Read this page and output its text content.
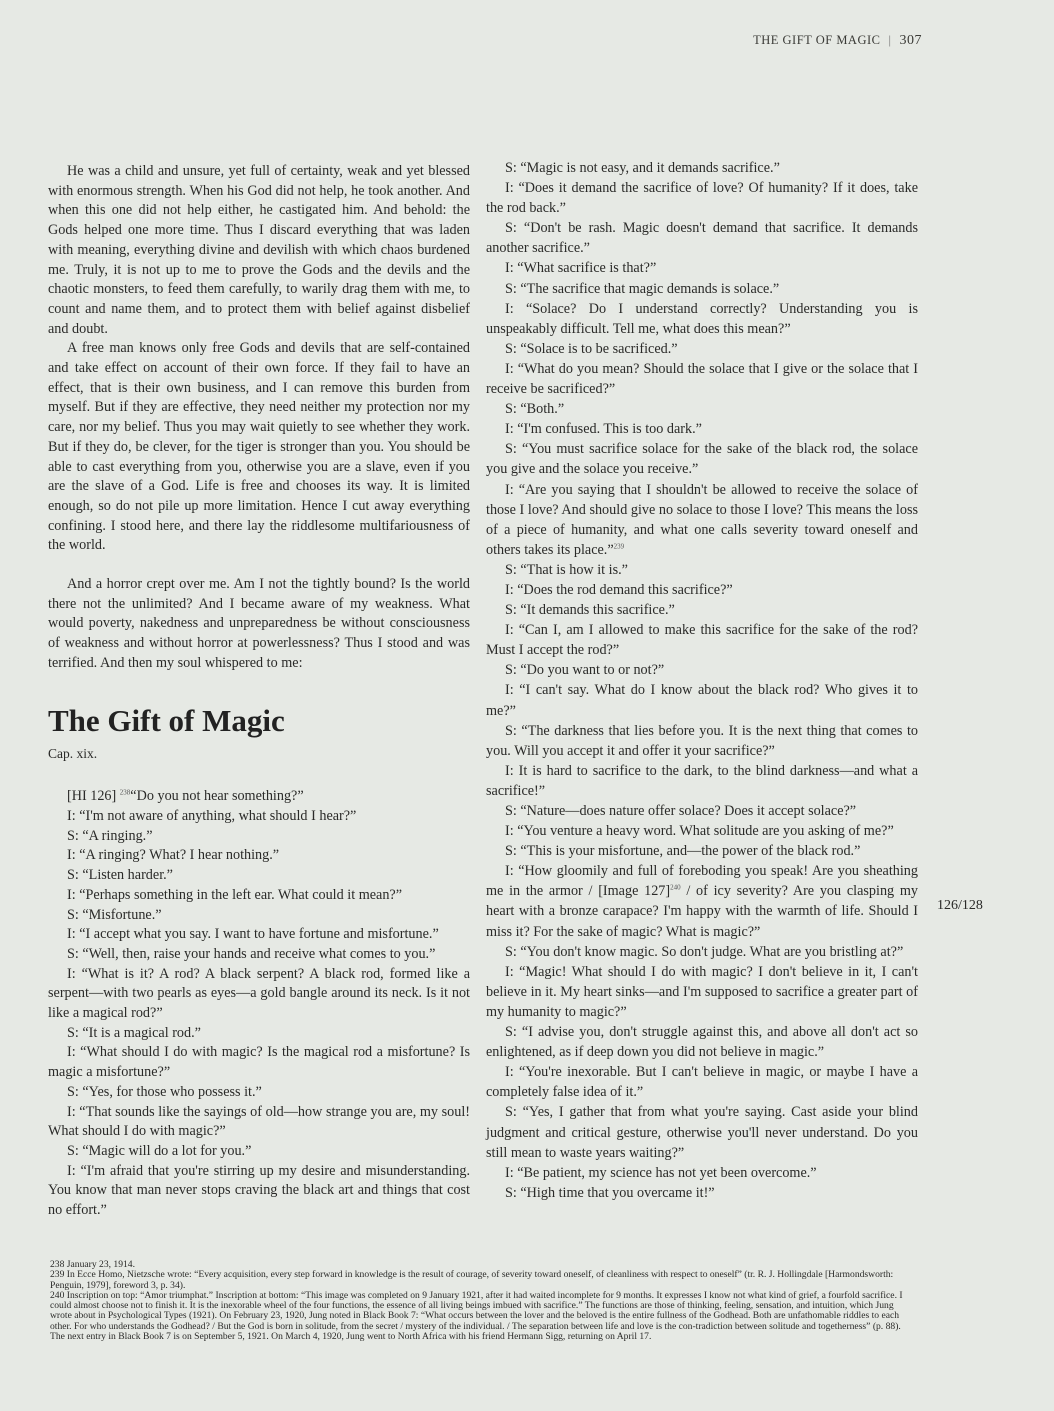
THE GIFT OF MAGIC | 307

He was a child and unsure, yet full of certainty, weak and yet blessed with enormous strength. When his God did not help, he took another. And when this one did not help either, he castigated him. And behold: the Gods helped one more time. Thus I discard everything that was laden with meaning, everything divine and devilish with which chaos burdened me. Truly, it is not up to me to prove the Gods and the devils and the chaotic monsters, to feed them carefully, to warily drag them with me, to count and name them, and to protect them with belief against disbelief and doubt.

A free man knows only free Gods and devils that are self-contained and take effect on account of their own force. If they fail to have an effect, that is their own business, and I can remove this burden from myself. But if they are effective, they need neither my protection nor my care, nor my belief. Thus you may wait quietly to see whether they work. But if they do, be clever, for the tiger is stronger than you. You should be able to cast everything from you, otherwise you are a slave, even if you are the slave of a God. Life is free and chooses its way. It is limited enough, so do not pile up more limitation. Hence I cut away everything confining. I stood here, and there lay the riddlesome multifariousness of the world.

And a horror crept over me. Am I not the tightly bound? Is the world there not the unlimited? And I became aware of my weakness. What would poverty, nakedness and unpreparedness be without consciousness of weakness and without horror at powerlessness? Thus I stood and was terrified. And then my soul whispered to me:

The Gift of Magic
Cap. xix.

[HI 126] $^{238}$“Do you not hear something?”

I: “I'm not aware of anything, what should I hear?”

S: “A ringing.”

I: “A ringing? What? I hear nothing.”

S: “Listen harder.”

I: “Perhaps something in the left ear. What could it mean?”

S: “Misfortune.”

I: “I accept what you say. I want to have fortune and misfortune.”

S: “Well, then, raise your hands and receive what comes to you.”

I: “What is it? A rod? A black serpent? A black rod, formed like a serpent—with two pearls as eyes—a gold bangle around its neck. Is it not like a magical rod?”

S: “It is a magical rod.”

I: “What should I do with magic? Is the magical rod a misfortune? Is magic a misfortune?”

S: “Yes, for those who possess it.”

I: “That sounds like the sayings of old—how strange you are, my soul! What should I do with magic?”

S: “Magic will do a lot for you.”

I: “I'm afraid that you're stirring up my desire and misunderstanding. You know that man never stops craving the black art and things that cost no effort.”

S: “Magic is not easy, and it demands sacrifice.”

I: “Does it demand the sacrifice of love? Of humanity? If it does, take the rod back.”

S: “Don't be rash. Magic doesn't demand that sacrifice. It demands another sacrifice.”

I: “What sacrifice is that?”

S: “The sacrifice that magic demands is solace.”

I: “Solace? Do I understand correctly? Understanding you is unspeakably difficult. Tell me, what does this mean?”

S: “Solace is to be sacrificed.”

I: “What do you mean? Should the solace that I give or the solace that I receive be sacrificed?”

S: “Both.”

I: “I'm confused. This is too dark.”

S: “You must sacrifice solace for the sake of the black rod, the solace you give and the solace you receive.”

I: “Are you saying that I shouldn't be allowed to receive the solace of those I love? And should give no solace to those I love? This means the loss of a piece of humanity, and what one calls severity toward oneself and others takes its place.”$^{239}$

S: “That is how it is.”

I: “Does the rod demand this sacrifice?”

S: “It demands this sacrifice.”

I: “Can I, am I allowed to make this sacrifice for the sake of the rod? Must I accept the rod?”

S: “Do you want to or not?”

I: “I can't say. What do I know about the black rod? Who gives it to me?”

S: “The darkness that lies before you. It is the next thing that comes to you. Will you accept it and offer it your sacrifice?”

I: It is hard to sacrifice to the dark, to the blind darkness—and what a sacrifice!”

S: “Nature—does nature offer solace? Does it accept solace?”

I: “You venture a heavy word. What solitude are you asking of me?”

S: “This is your misfortune, and—the power of the black rod.”

I: “How gloomily and full of foreboding you speak! Are you sheathing me in the armor / [Image 127]$^{240}$ / of icy severity? Are you clasping my heart with a bronze carapace? I'm happy with the warmth of life. Should I miss it? For the sake of magic? What is magic?”

S: “You don't know magic. So don't judge. What are you bristling at?”

I: “Magic! What should I do with magic? I don't believe in it, I can't believe in it. My heart sinks—and I'm supposed to sacrifice a greater part of my humanity to magic?”

S: “I advise you, don't struggle against this, and above all don't act so enlightened, as if deep down you did not believe in magic.”

I: “You're inexorable. But I can't believe in magic, or maybe I have a completely false idea of it.”

S: “Yes, I gather that from what you're saying. Cast aside your blind judgment and critical gesture, otherwise you'll never understand. Do you still mean to waste years waiting?”

I: “Be patient, my science has not yet been overcome.”

S: “High time that you overcame it!”

126/128

238 January 23, 1914.

239 In Ecce Homo, Nietzsche wrote: “Every acquisition, every step forward in knowledge is the result of courage, of severity toward oneself, of cleanliness with respect to oneself” (tr. R. J. Hollingdale [Harmondsworth: Penguin, 1979], foreword 3, p. 34).

240 Inscription on top: “Amor triumphat.” Inscription at bottom: “This image was completed on 9 January 1921, after it had waited incomplete for 9 months. It expresses I know not what kind of grief, a fourfold sacrifice. I could almost choose not to finish it. It is the inexorable wheel of the four functions, the essence of all living beings imbued with sacrifice.” The functions are those of thinking, feeling, sensation, and intuition, which Jung wrote about in Psychological Types (1921). On February 23, 1920, Jung noted in Black Book 7: “What occurs between the lover and the beloved is the entire fullness of the Godhead. Both are unfathomable riddles to each other. For who understands the Godhead? / But the God is born in solitude, from the secret / mystery of the individual. / The separation between life and love is the con-tradiction between solitude and togetherness” (p. 88). The next entry in Black Book 7 is on September 5, 1921. On March 4, 1920, Jung went to North Africa with his friend Hermann Sigg, returning on April 17.
